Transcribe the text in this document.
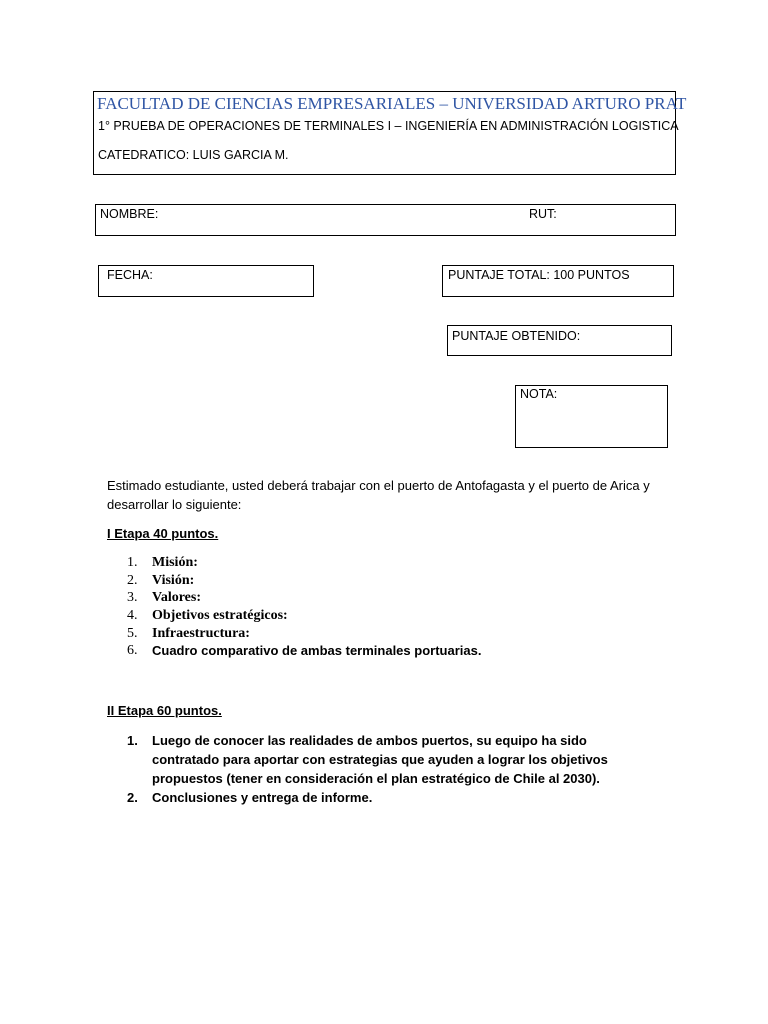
FACULTAD DE CIENCIAS EMPRESARIALES – UNIVERSIDAD ARTURO PRAT
1° PRUEBA DE OPERACIONES DE TERMINALES I – INGENIERÍA EN ADMINISTRACIÓN LOGISTICA
CATEDRATICO: LUIS GARCIA M.
NOMBRE:	RUT:
FECHA:	PUNTAJE TOTAL: 100 PUNTOS
PUNTAJE OBTENIDO:
NOTA:
Estimado estudiante, usted deberá trabajar con el puerto de Antofagasta y el puerto de Arica y desarrollar lo siguiente:
I Etapa 40 puntos.
1. Misión:
2. Visión:
3. Valores:
4. Objetivos estratégicos:
5. Infraestructura:
6. Cuadro comparativo de ambas terminales portuarias.
II Etapa 60 puntos.
1. Luego de conocer las realidades de ambos puertos, su equipo ha sido contratado para aportar con estrategias que ayuden a lograr los objetivos propuestos (tener en consideración el plan estratégico de Chile al 2030).
2. Conclusiones y entrega de informe.
